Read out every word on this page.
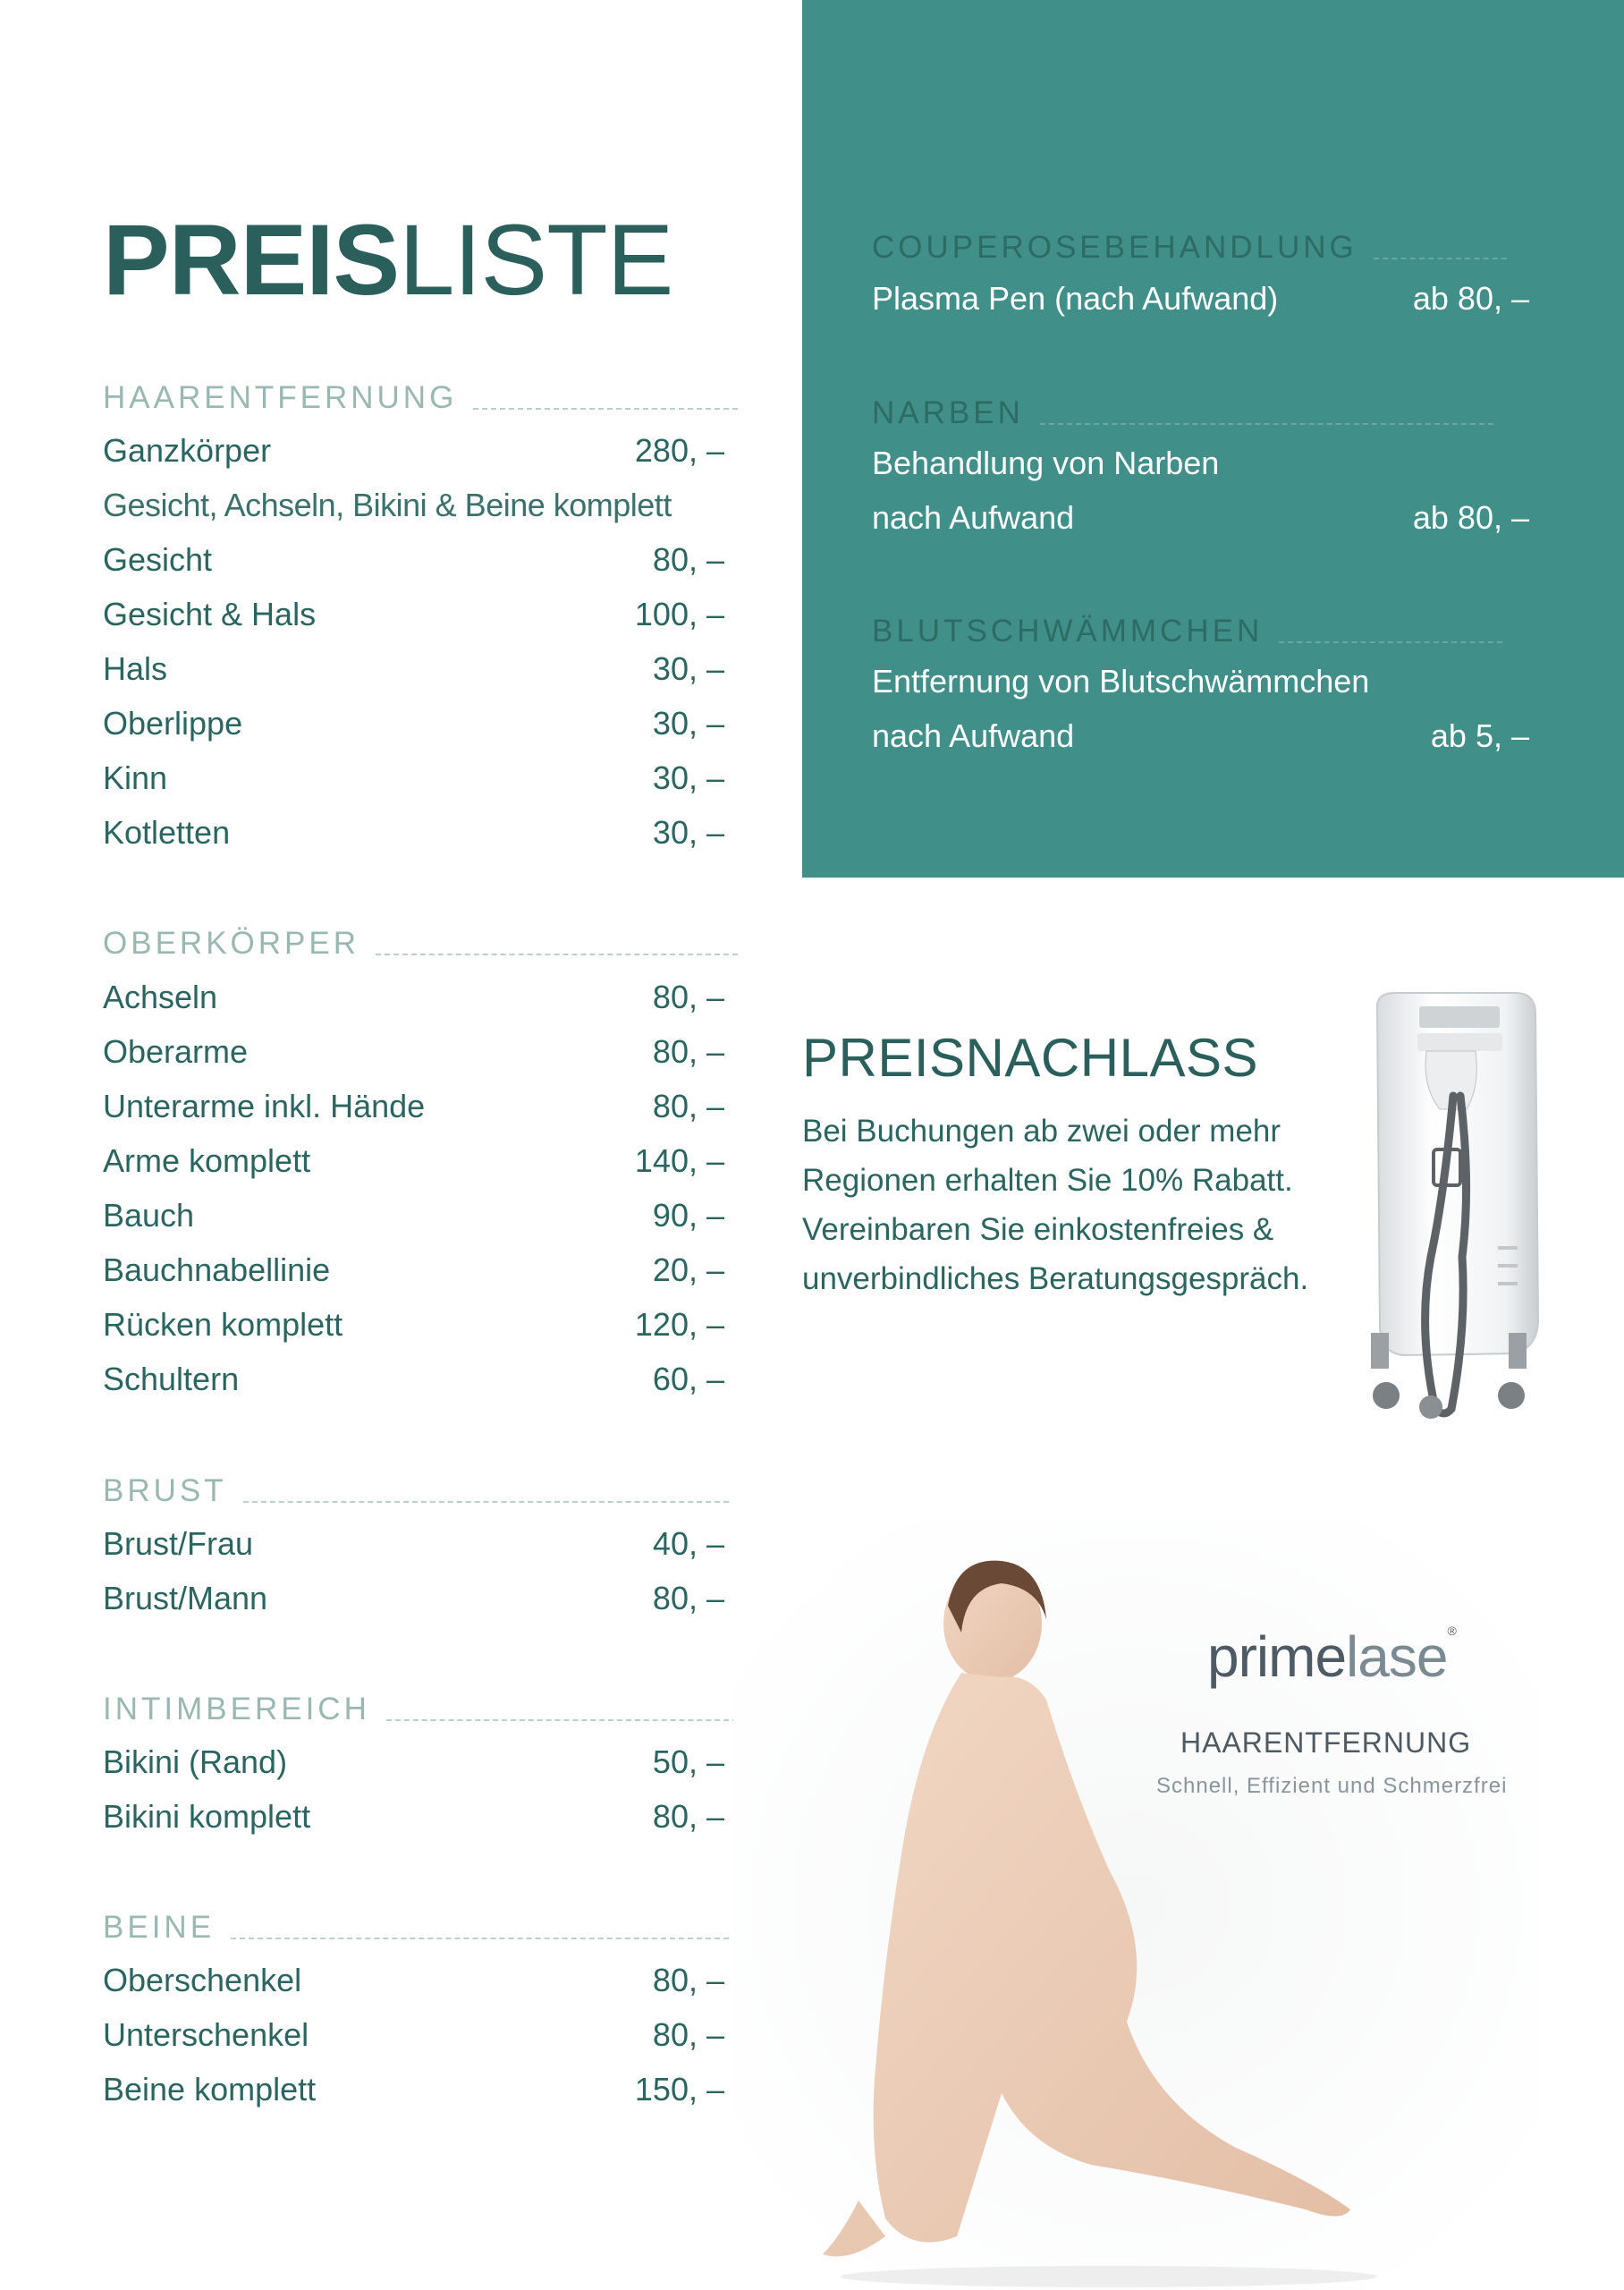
PREISLISTE
HAARENTFERNUNG
Ganzkörper	280, –
Gesicht, Achseln, Bikini & Beine komplett
Gesicht	80, –
Gesicht & Hals	100, –
Hals	30, –
Oberlippe	30, –
Kinn	30, –
Kotletten	30, –
OBERKÖRPER
Achseln	80, –
Oberarme	80, –
Unterarme inkl. Hände	80, –
Arme komplett	140, –
Bauch	90, –
Bauchnabellinie	20, –
Rücken komplett	120, –
Schultern	60, –
BRUST
Brust/Frau	40, –
Brust/Mann	80, –
INTIMBEREICH
Bikini (Rand)	50, –
Bikini komplett	80, –
BEINE
Oberschenkel	80, –
Unterschenkel	80, –
Beine komplett	150, –
COUPEROSEBEHANDLUNG
Plasma Pen (nach Aufwand)	ab 80, –
NARBEN
Behandlung von Narben
nach Aufwand	ab 80, –
BLUTSCHWÄMMCHEN
Entfernung von Blutschwämmchen
nach Aufwand	ab 5, –
PREISNACHLASS
Bei Buchungen ab zwei oder mehr
Regionen erhalten Sie 10% Rabatt.
Vereinbaren Sie einkostenfreies &
unverbindliches Beratungsgespräch.
primelase®
HAARENTFERNUNG
Schnell, Effizient und Schmerzfrei
